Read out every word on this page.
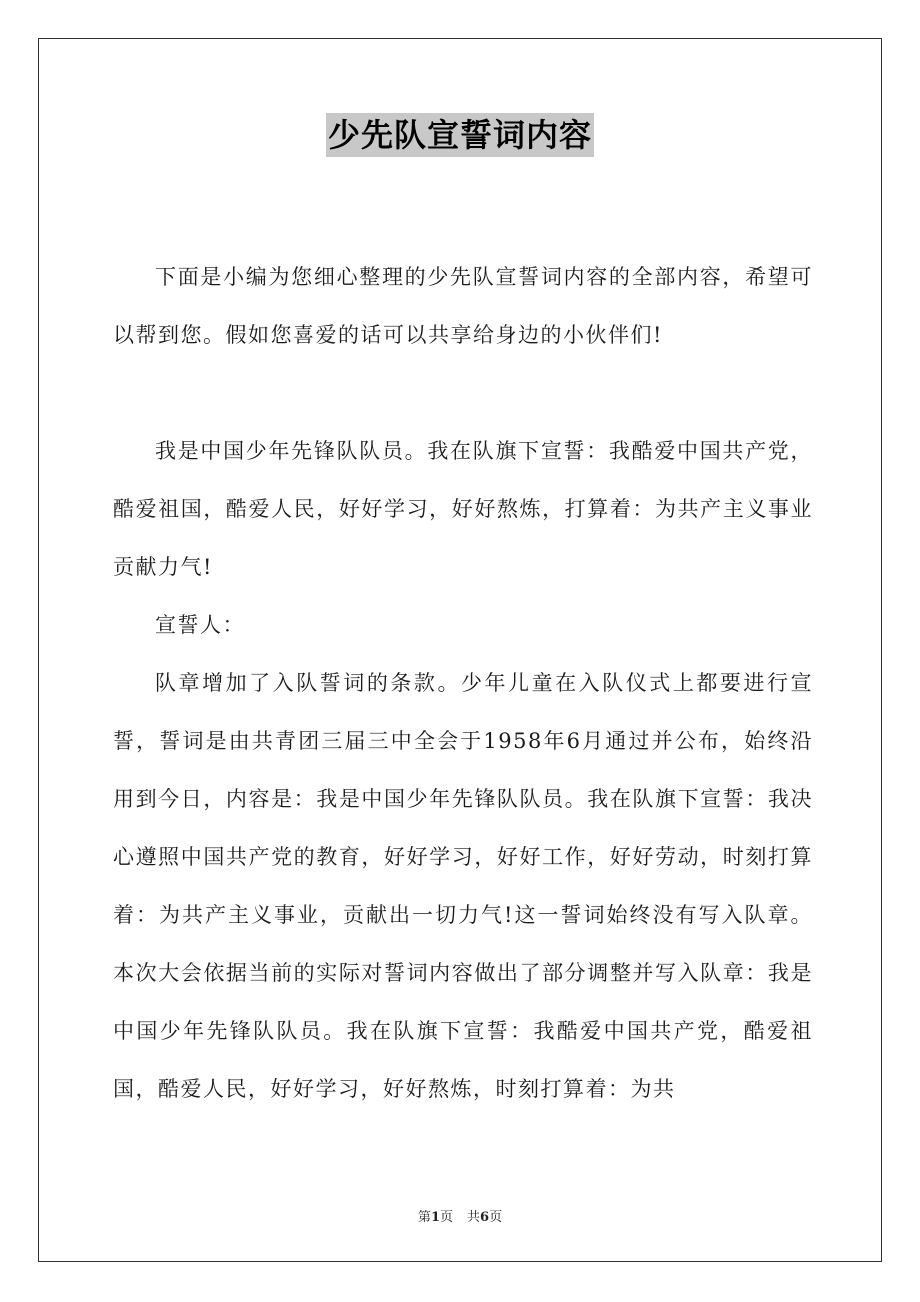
少先队宣誓词内容

下面是小编为您细心整理的少先队宣誓词内容的全部内容，希望可以帮到您。假如您喜爱的话可以共享给身边的小伙伴们!

我是中国少年先锋队队员。我在队旗下宣誓：我酷爱中国共产党，酷爱祖国，酷爱人民，好好学习，好好熬炼，打算着：为共产主义事业贡献力气!

宣誓人：

队章增加了入队誓词的条款。少年儿童在入队仪式上都要进行宣誓，誓词是由共青团三届三中全会于1958年6月通过并公布，始终沿用到今日，内容是：我是中国少年先锋队队员。我在队旗下宣誓：我决心遵照中国共产党的教育，好好学习，好好工作，好好劳动，时刻打算着：为共产主义事业，贡献出一切力气!这一誓词始终没有写入队章。本次大会依据当前的实际对誓词内容做出了部分调整并写入队章：我是中国少年先锋队队员。我在队旗下宣誓：我酷爱中国共产党，酷爱祖国，酷爱人民，好好学习，好好熬炼，时刻打算着：为共

第1页 共6页
